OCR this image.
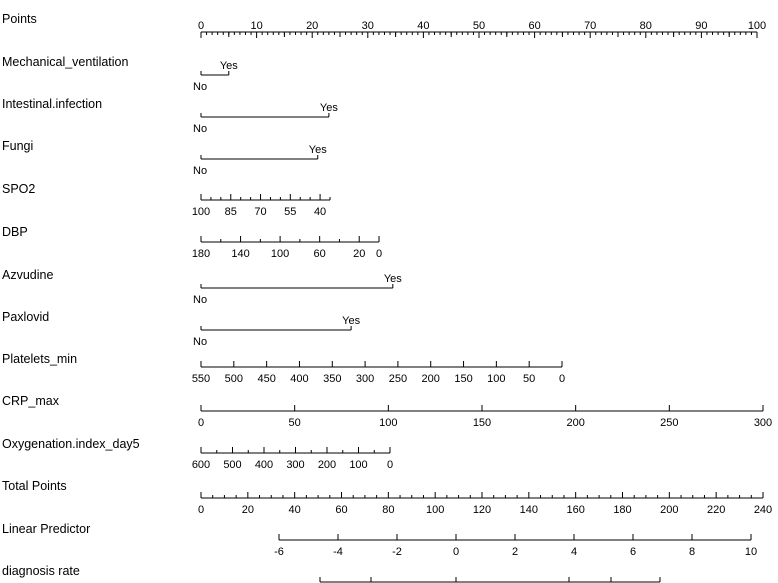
Points	0	10	20	30	40	50	60	70	80	90	100
Mechanical_ventilation
No
Yes
Intestinal.infection
No
Yes
Fungi
No
Yes
SPO2
100 85 70 55 40
DBP
180 140 100 60 20 0
Azvudine
No
Yes
Paxlovid
No
Yes
Platelets_min
550 500 450 400 350 300 250 200 150 100 50 0
CRP_max
0	50	100	150	200	250	300
Oxygenation.index_day5
600 500 400 300 200 100 0
Total Points
0	20	40	60	80	100	120	140	160	180	200	220	240
Linear Predictor
-6	-4	-2	0	2	4	6	8	10
diagnosis rate
